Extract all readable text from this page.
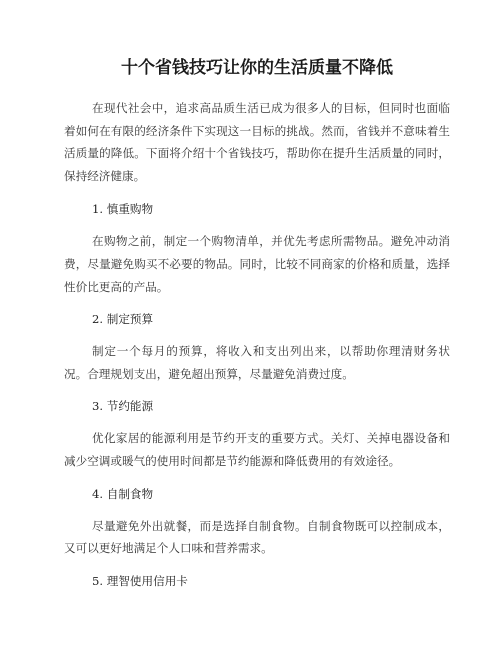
十个省钱技巧让你的生活质量不降低

在现代社会中，追求高品质生活已成为很多人的目标，但同时也面临着如何在有限的经济条件下实现这一目标的挑战。然而，省钱并不意味着生活质量的降低。下面将介绍十个省钱技巧，帮助你在提升生活质量的同时，保持经济健康。

1. 慎重购物

在购物之前，制定一个购物清单，并优先考虑所需物品。避免冲动消费，尽量避免购买不必要的物品。同时，比较不同商家的价格和质量，选择性价比更高的产品。

2. 制定预算

制定一个每月的预算，将收入和支出列出来，以帮助你理清财务状况。合理规划支出，避免超出预算，尽量避免消费过度。

3. 节约能源

优化家居的能源利用是节约开支的重要方式。关灯、关掉电器设备和减少空调或暖气的使用时间都是节约能源和降低费用的有效途径。

4. 自制食物

尽量避免外出就餐，而是选择自制食物。自制食物既可以控制成本，又可以更好地满足个人口味和营养需求。

5. 理智使用信用卡
